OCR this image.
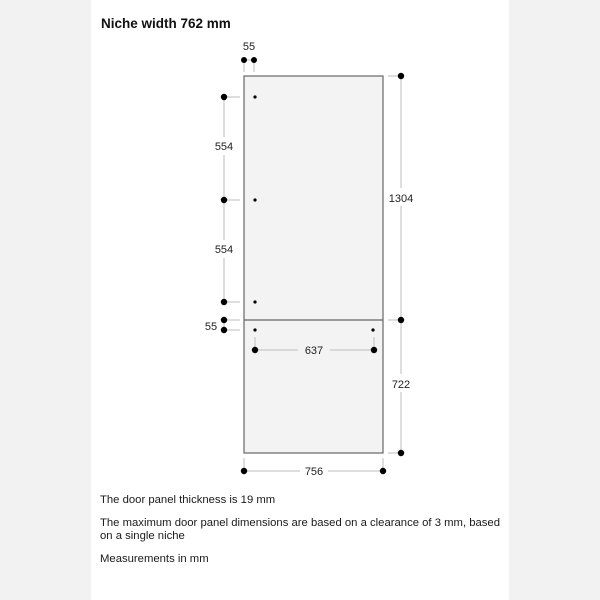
Niche width 762 mm
55
554
554
55
637
1304
722
756

The door panel thickness is 19 mm

The maximum door panel dimensions are based on a clearance of 3 mm, based on a single niche

Measurements in mm
